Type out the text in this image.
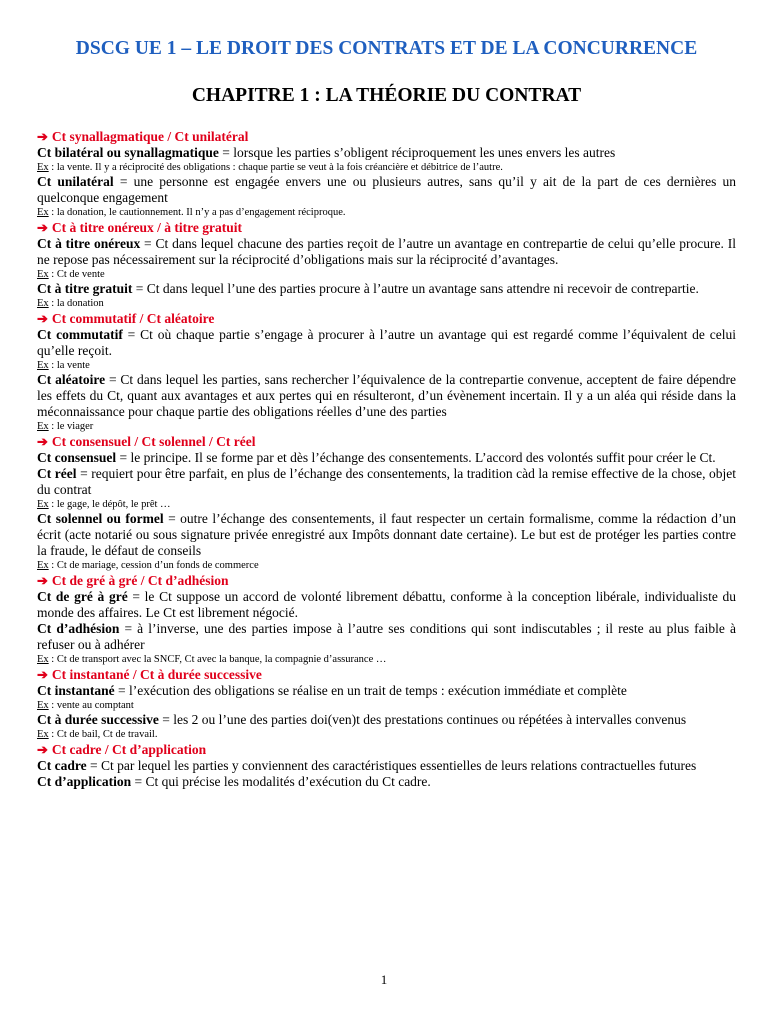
DSCG UE 1 – LE DROIT DES CONTRATS ET DE LA CONCURRENCE
CHAPITRE 1 : LA THÉORIE DU CONTRAT
➔ Ct synallagmatique / Ct unilatéral

Ct bilatéral ou synallagmatique = lorsque les parties s’obligent réciproquement les unes envers les autres

Ex : la vente. Il y a réciprocité des obligations : chaque partie se veut à la fois créancière et débitrice de l’autre.

Ct unilatéral = une personne est engagée envers une ou plusieurs autres, sans qu’il y ait de la part de ces dernières un quelconque engagement

Ex : la donation, le cautionnement. Il n’y a pas d’engagement réciproque.

➔ Ct à titre onéreux / à titre gratuit

Ct à titre onéreux = Ct dans lequel chacune des parties reçoit de l’autre un avantage en contrepartie de celui qu’elle procure. Il ne repose pas nécessairement sur la réciprocité d’obligations mais sur la réciprocité d’avantages.

Ex : Ct de vente

Ct à titre gratuit = Ct dans lequel l’une des parties procure à l’autre un avantage sans attendre ni recevoir de contrepartie.

Ex : la donation

➔ Ct commutatif / Ct aléatoire

Ct commutatif = Ct où chaque partie s’engage à procurer à l’autre un avantage qui est regardé comme l’équivalent de celui qu’elle reçoit.

Ex : la vente

Ct aléatoire = Ct dans lequel les parties, sans rechercher l’équivalence de la contrepartie convenue, acceptent de faire dépendre les effets du Ct, quant aux avantages et aux pertes qui en résulteront, d’un évènement incertain. Il y a un aléa qui réside dans la méconnaissance pour chaque partie des obligations réelles d’une des parties

Ex : le viager

➔ Ct consensuel / Ct solennel / Ct réel

Ct consensuel = le principe. Il se forme par et dès l’échange des consentements. L’accord des volontés suffit pour créer le Ct.

Ct réel = requiert pour être parfait, en plus de l’échange des consentements, la tradition càd la remise effective de la chose, objet du contrat

Ex : le gage, le dépôt, le prêt …

Ct solennel ou formel = outre l’échange des consentements, il faut respecter un certain formalisme, comme la rédaction d’un écrit (acte notarié ou sous signature privée enregistré aux Impôts donnant date certaine). Le but est de protéger les parties contre la fraude, le défaut de conseils

Ex : Ct de mariage, cession d’un fonds de commerce

➔ Ct de gré à gré / Ct d’adhésion

Ct de gré à gré = le Ct suppose un accord de volonté librement débattu, conforme à la conception libérale, individualiste du monde des affaires. Le Ct est librement négocié.

Ct d’adhésion = à l’inverse, une des parties impose à l’autre ses conditions qui sont indiscutables ; il reste au plus faible à refuser ou à adhérer

Ex : Ct de transport avec la SNCF, Ct avec la banque, la compagnie d’assurance …

➔ Ct instantané / Ct à durée successive

Ct instantané = l’exécution des obligations se réalise en un trait de temps : exécution immédiate et complète

Ex : vente au comptant

Ct à durée successive = les 2 ou l’une des parties doi(ven)t des prestations continues ou répétées à intervalles convenus

Ex : Ct de bail, Ct de travail.

➔ Ct cadre / Ct d’application

Ct cadre = Ct par lequel les parties y conviennent des caractéristiques essentielles de leurs relations contractuelles futures

Ct d’application = Ct qui précise les modalités d’exécution du Ct cadre.

1
